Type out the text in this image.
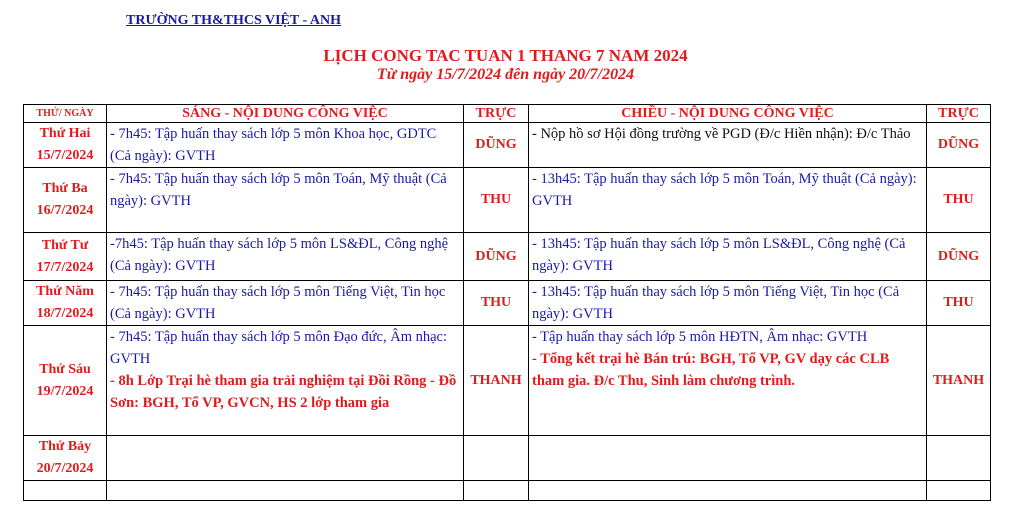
TRƯỜNG TH&THCS VIỆT - ANH
LỊCH CONG TAC TUAN 1 THANG 7 NAM 2024
Từ ngày 15/7/2024 đên ngày 20/7/2024
THỨ/ NGÀY	SÁNG - NỘI DUNG CÔNG VIỆC	TRỰC	CHIỀU - NỘI DUNG CÔNG VIỆC	TRỰC

Thứ Hai
15/7/2024	- 7h45: Tập huấn thay sách lớp 5 môn Khoa học, GDTC (Cả ngày): GVTH	DŨNG	- Nộp hồ sơ Hội đồng trường về PGD (Đ/c Hiền nhận): Đ/c Thảo	DŨNG

Thứ Ba
16/7/2024	- 7h45: Tập huấn thay sách lớp 5 môn Toán, Mỹ thuật (Cả ngày): GVTH	THU	- 13h45: Tập huấn thay sách lớp 5 môn Toán, Mỹ thuật (Cả ngày): GVTH	THU

Thứ Tư
17/7/2024	-7h45: Tập huấn thay sách lớp 5 môn LS&ĐL, Công nghệ (Cả ngày): GVTH	DŨNG	- 13h45: Tập huấn thay sách lớp 5 môn LS&ĐL, Công nghệ (Cả ngày): GVTH	DŨNG

Thứ Năm
18/7/2024	- 7h45: Tập huấn thay sách lớp 5 môn Tiếng Việt, Tin học (Cả ngày): GVTH	THU	- 13h45: Tập huấn thay sách lớp 5 môn Tiếng Việt, Tin học (Cả ngày): GVTH	THU

Thứ Sáu
19/7/2024	- 7h45: Tập huấn thay sách lớp 5 môn Đạo đức, Âm nhạc: GVTH
- 8h Lớp Trại hè tham gia trải nghiệm tại Đồi Rồng - Đồ Sơn: BGH, Tổ VP, GVCN, HS 2 lớp tham gia	THANH	- Tập huấn thay sách lớp 5 môn HĐTN, Âm nhạc: GVTH
- Tổng kết trại hè Bán trú: BGH, Tổ VP, GV dạy các CLB tham gia. Đ/c Thu, Sinh làm chương trình.	THANH

Thứ Bảy
20/7/2024				
